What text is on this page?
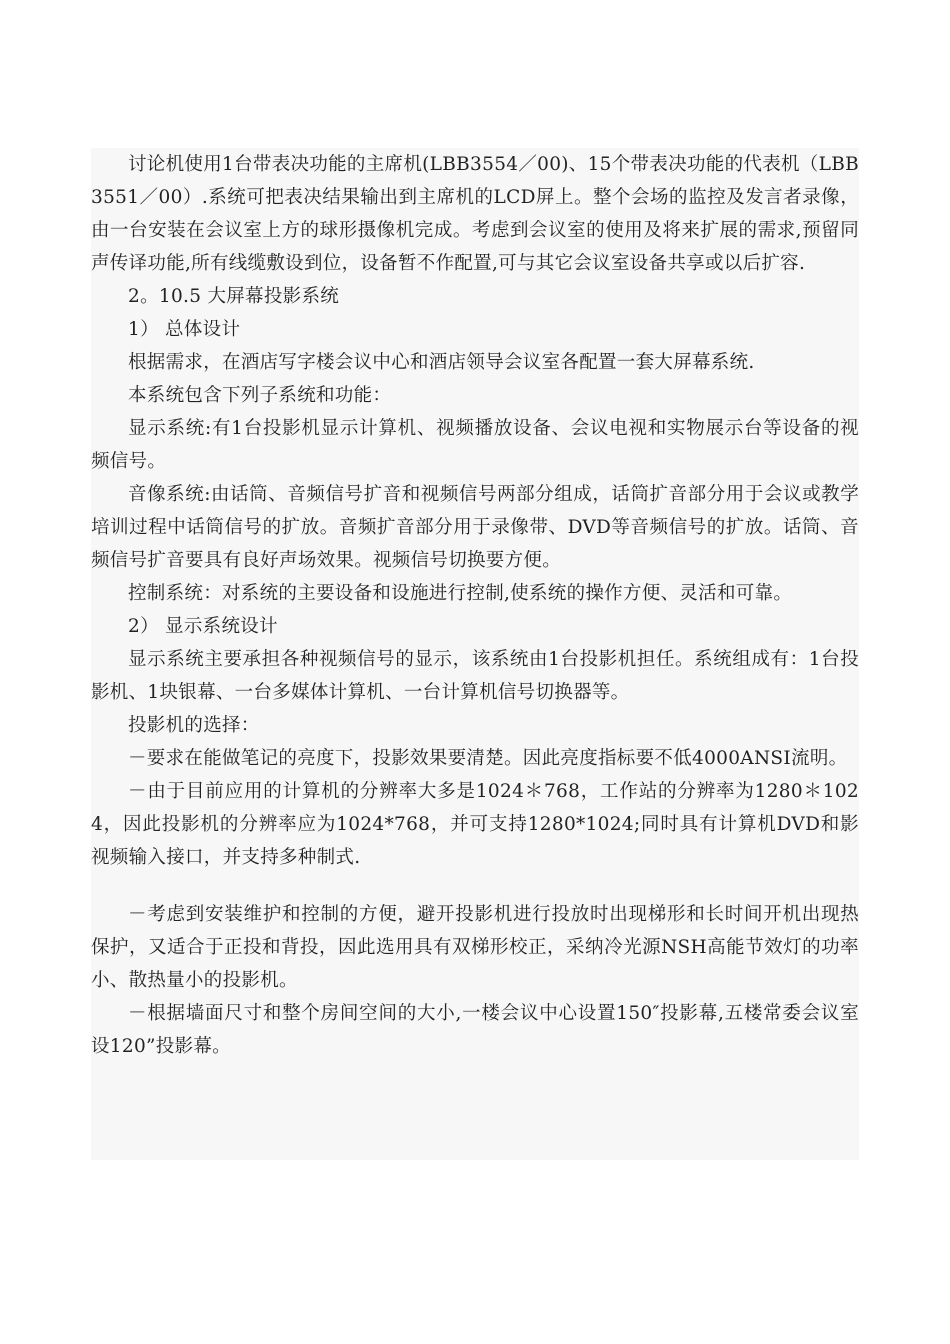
讨论机使用1台带表决功能的主席机(LBB3554／00)、15个带表决功能的代表机（LBB3551／00）.系统可把表决结果输出到主席机的LCD屏上。整个会场的监控及发言者录像，由一台安装在会议室上方的球形摄像机完成。考虑到会议室的使用及将来扩展的需求,预留同声传译功能,所有线缆敷设到位，设备暂不作配置,可与其它会议室设备共享或以后扩容.

2。10.5 大屏幕投影系统

1） 总体设计

根据需求，在酒店写字楼会议中心和酒店领导会议室各配置一套大屏幕系统.

本系统包含下列子系统和功能：

显示系统:有1台投影机显示计算机、视频播放设备、会议电视和实物展示台等设备的视频信号。

音像系统:由话筒、音频信号扩音和视频信号两部分组成，话筒扩音部分用于会议或教学培训过程中话筒信号的扩放。音频扩音部分用于录像带、DVD等音频信号的扩放。话筒、音频信号扩音要具有良好声场效果。视频信号切换要方便。

控制系统：对系统的主要设备和设施进行控制,使系统的操作方便、灵活和可靠。

2） 显示系统设计

显示系统主要承担各种视频信号的显示，该系统由1台投影机担任。系统组成有：1台投影机、1块银幕、一台多媒体计算机、一台计算机信号切换器等。

投影机的选择：

－要求在能做笔记的亮度下，投影效果要清楚。因此亮度指标要不低4000ANSI流明。

－由于目前应用的计算机的分辨率大多是1024＊768，工作站的分辨率为1280＊1024，因此投影机的分辨率应为1024*768，并可支持1280*1024;同时具有计算机DVD和影视频输入接口，并支持多种制式.

－考虑到安装维护和控制的方便，避开投影机进行投放时出现梯形和长时间开机出现热保护，又适合于正投和背投，因此选用具有双梯形校正，采纳冷光源NSH高能节效灯的功率小、散热量小的投影机。

－根据墙面尺寸和整个房间空间的大小,一楼会议中心设置150″投影幕,五楼常委会议室设120”投影幕。
